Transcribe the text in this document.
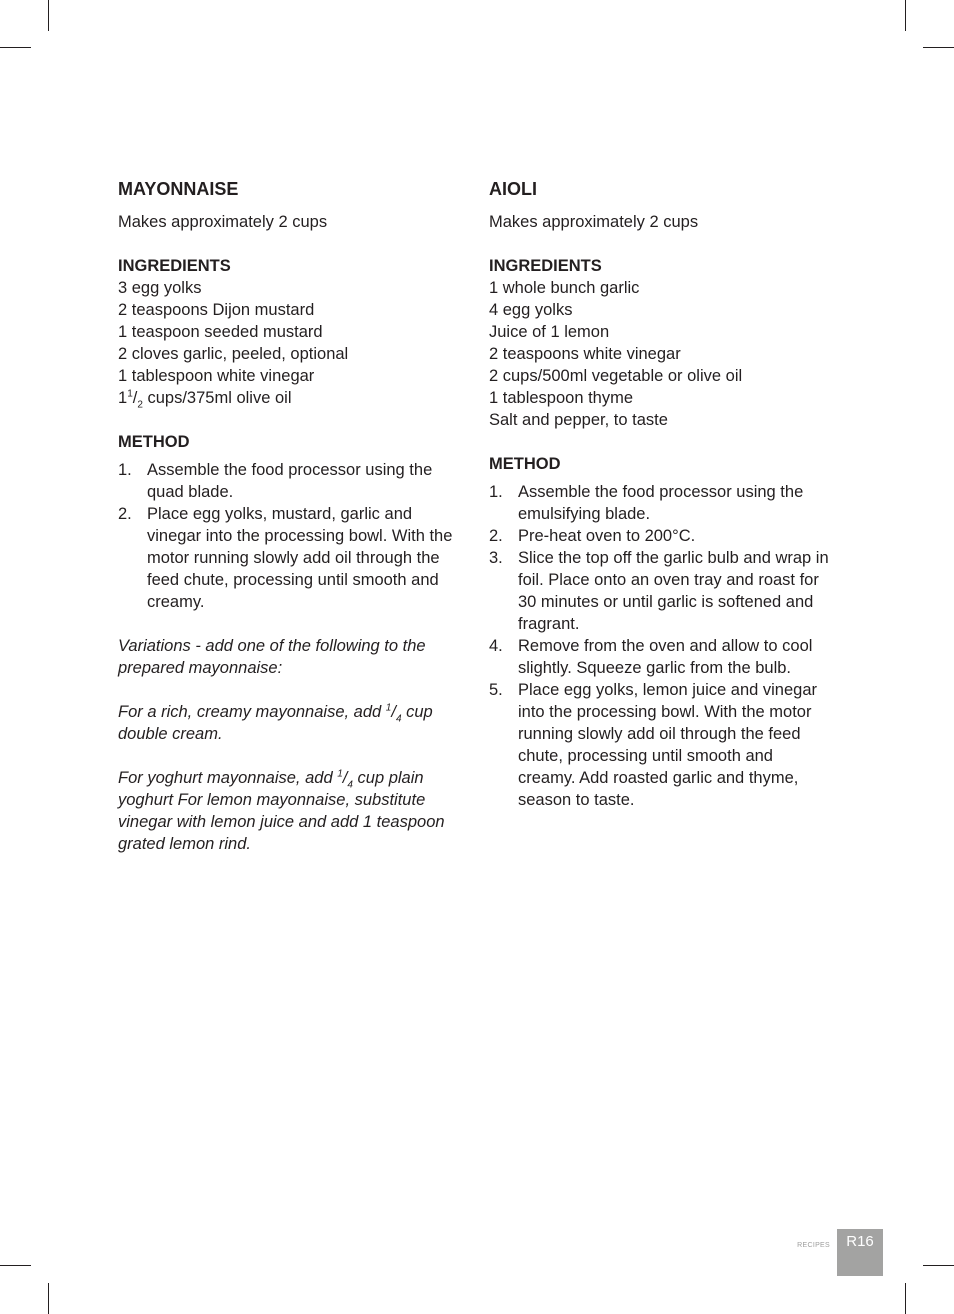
MAYONNAISE
Makes approximately 2 cups
INGREDIENTS
3 egg yolks
2 teaspoons Dijon mustard
1 teaspoon seeded mustard
2 cloves garlic, peeled, optional
1 tablespoon white vinegar
$1^1/_2$ cups/375ml olive oil
METHOD
1. Assemble the food processor using the quad blade.
2. Place egg yolks, mustard, garlic and vinegar into the processing bowl. With the motor running slowly add oil through the feed chute, processing until smooth and creamy.
Variations - add one of the following to the prepared mayonnaise:
For a rich, creamy mayonnaise, add $^1/_4$ cup double cream.
For yoghurt mayonnaise, add $^1/_4$ cup plain yoghurt For lemon mayonnaise, substitute vinegar with lemon juice and add 1 teaspoon grated lemon rind.
AIOLI
Makes approximately 2 cups
INGREDIENTS
1 whole bunch garlic
4 egg yolks
Juice of 1 lemon
2 teaspoons white vinegar
2 cups/500ml vegetable or olive oil
1 tablespoon thyme
Salt and pepper, to taste
METHOD
1. Assemble the food processor using the emulsifying blade.
2. Pre-heat oven to 200°C.
3. Slice the top off the garlic bulb and wrap in foil. Place onto an oven tray and roast for 30 minutes or until garlic is softened and fragrant.
4. Remove from the oven and allow to cool slightly. Squeeze garlic from the bulb.
5. Place egg yolks, lemon juice and vinegar into the processing bowl. With the motor running slowly add oil through the feed chute, processing until smooth and creamy. Add roasted garlic and thyme, season to taste.
RECIPES	R16
